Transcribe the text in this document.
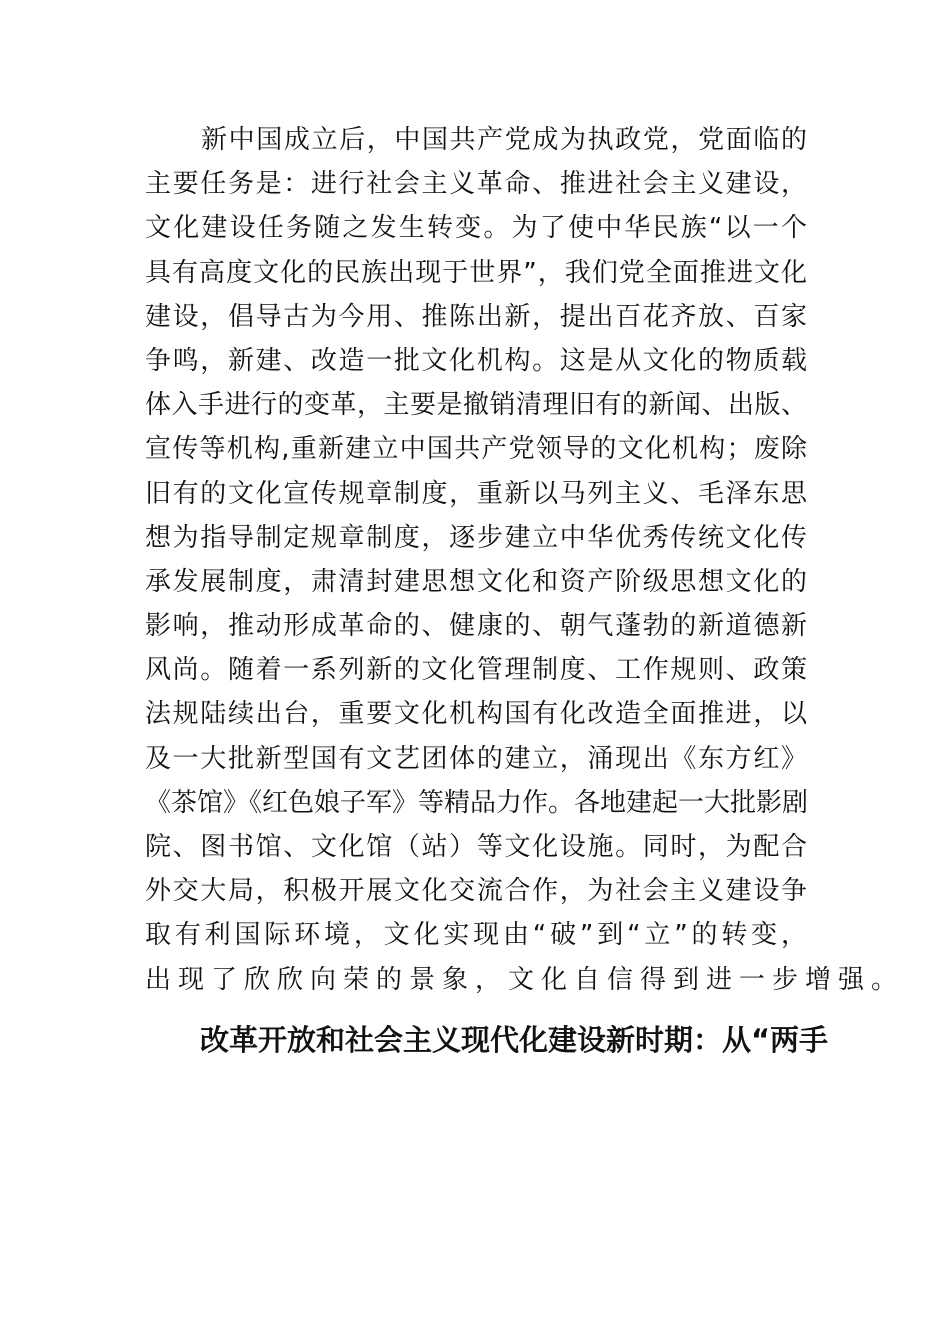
新中国成立后，中国共产党成为执政党，党面临的
主要任务是：进行社会主义革命、推进社会主义建设，
文化建设任务随之发生转变。为了使中华民族“以一个
具有高度文化的民族出现于世界”，我们党全面推进文化
建设，倡导古为今用、推陈出新，提出百花齐放、百家
争鸣，新建、改造一批文化机构。这是从文化的物质载
体入手进行的变革，主要是撤销清理旧有的新闻、出版、
宣传等机构,重新建立中国共产党领导的文化机构；废除
旧有的文化宣传规章制度，重新以马列主义、毛泽东思
想为指导制定规章制度，逐步建立中华优秀传统文化传
承发展制度，肃清封建思想文化和资产阶级思想文化的
影响，推动形成革命的、健康的、朝气蓬勃的新道德新
风尚。随着一系列新的文化管理制度、工作规则、政策
法规陆续出台，重要文化机构国有化改造全面推进，以
及一大批新型国有文艺团体的建立，涌现出《东方红》
《茶馆》《红色娘子军》等精品力作。各地建起一大批影剧
院、图书馆、文化馆（站）等文化设施。同时，为配合
外交大局，积极开展文化交流合作，为社会主义建设争
取有利国际环境，文化实现由“破”到“立”的转变，
出现了欣欣向荣的景象，文化自信得到进一步增强。
改革开放和社会主义现代化建设新时期：从“两手
